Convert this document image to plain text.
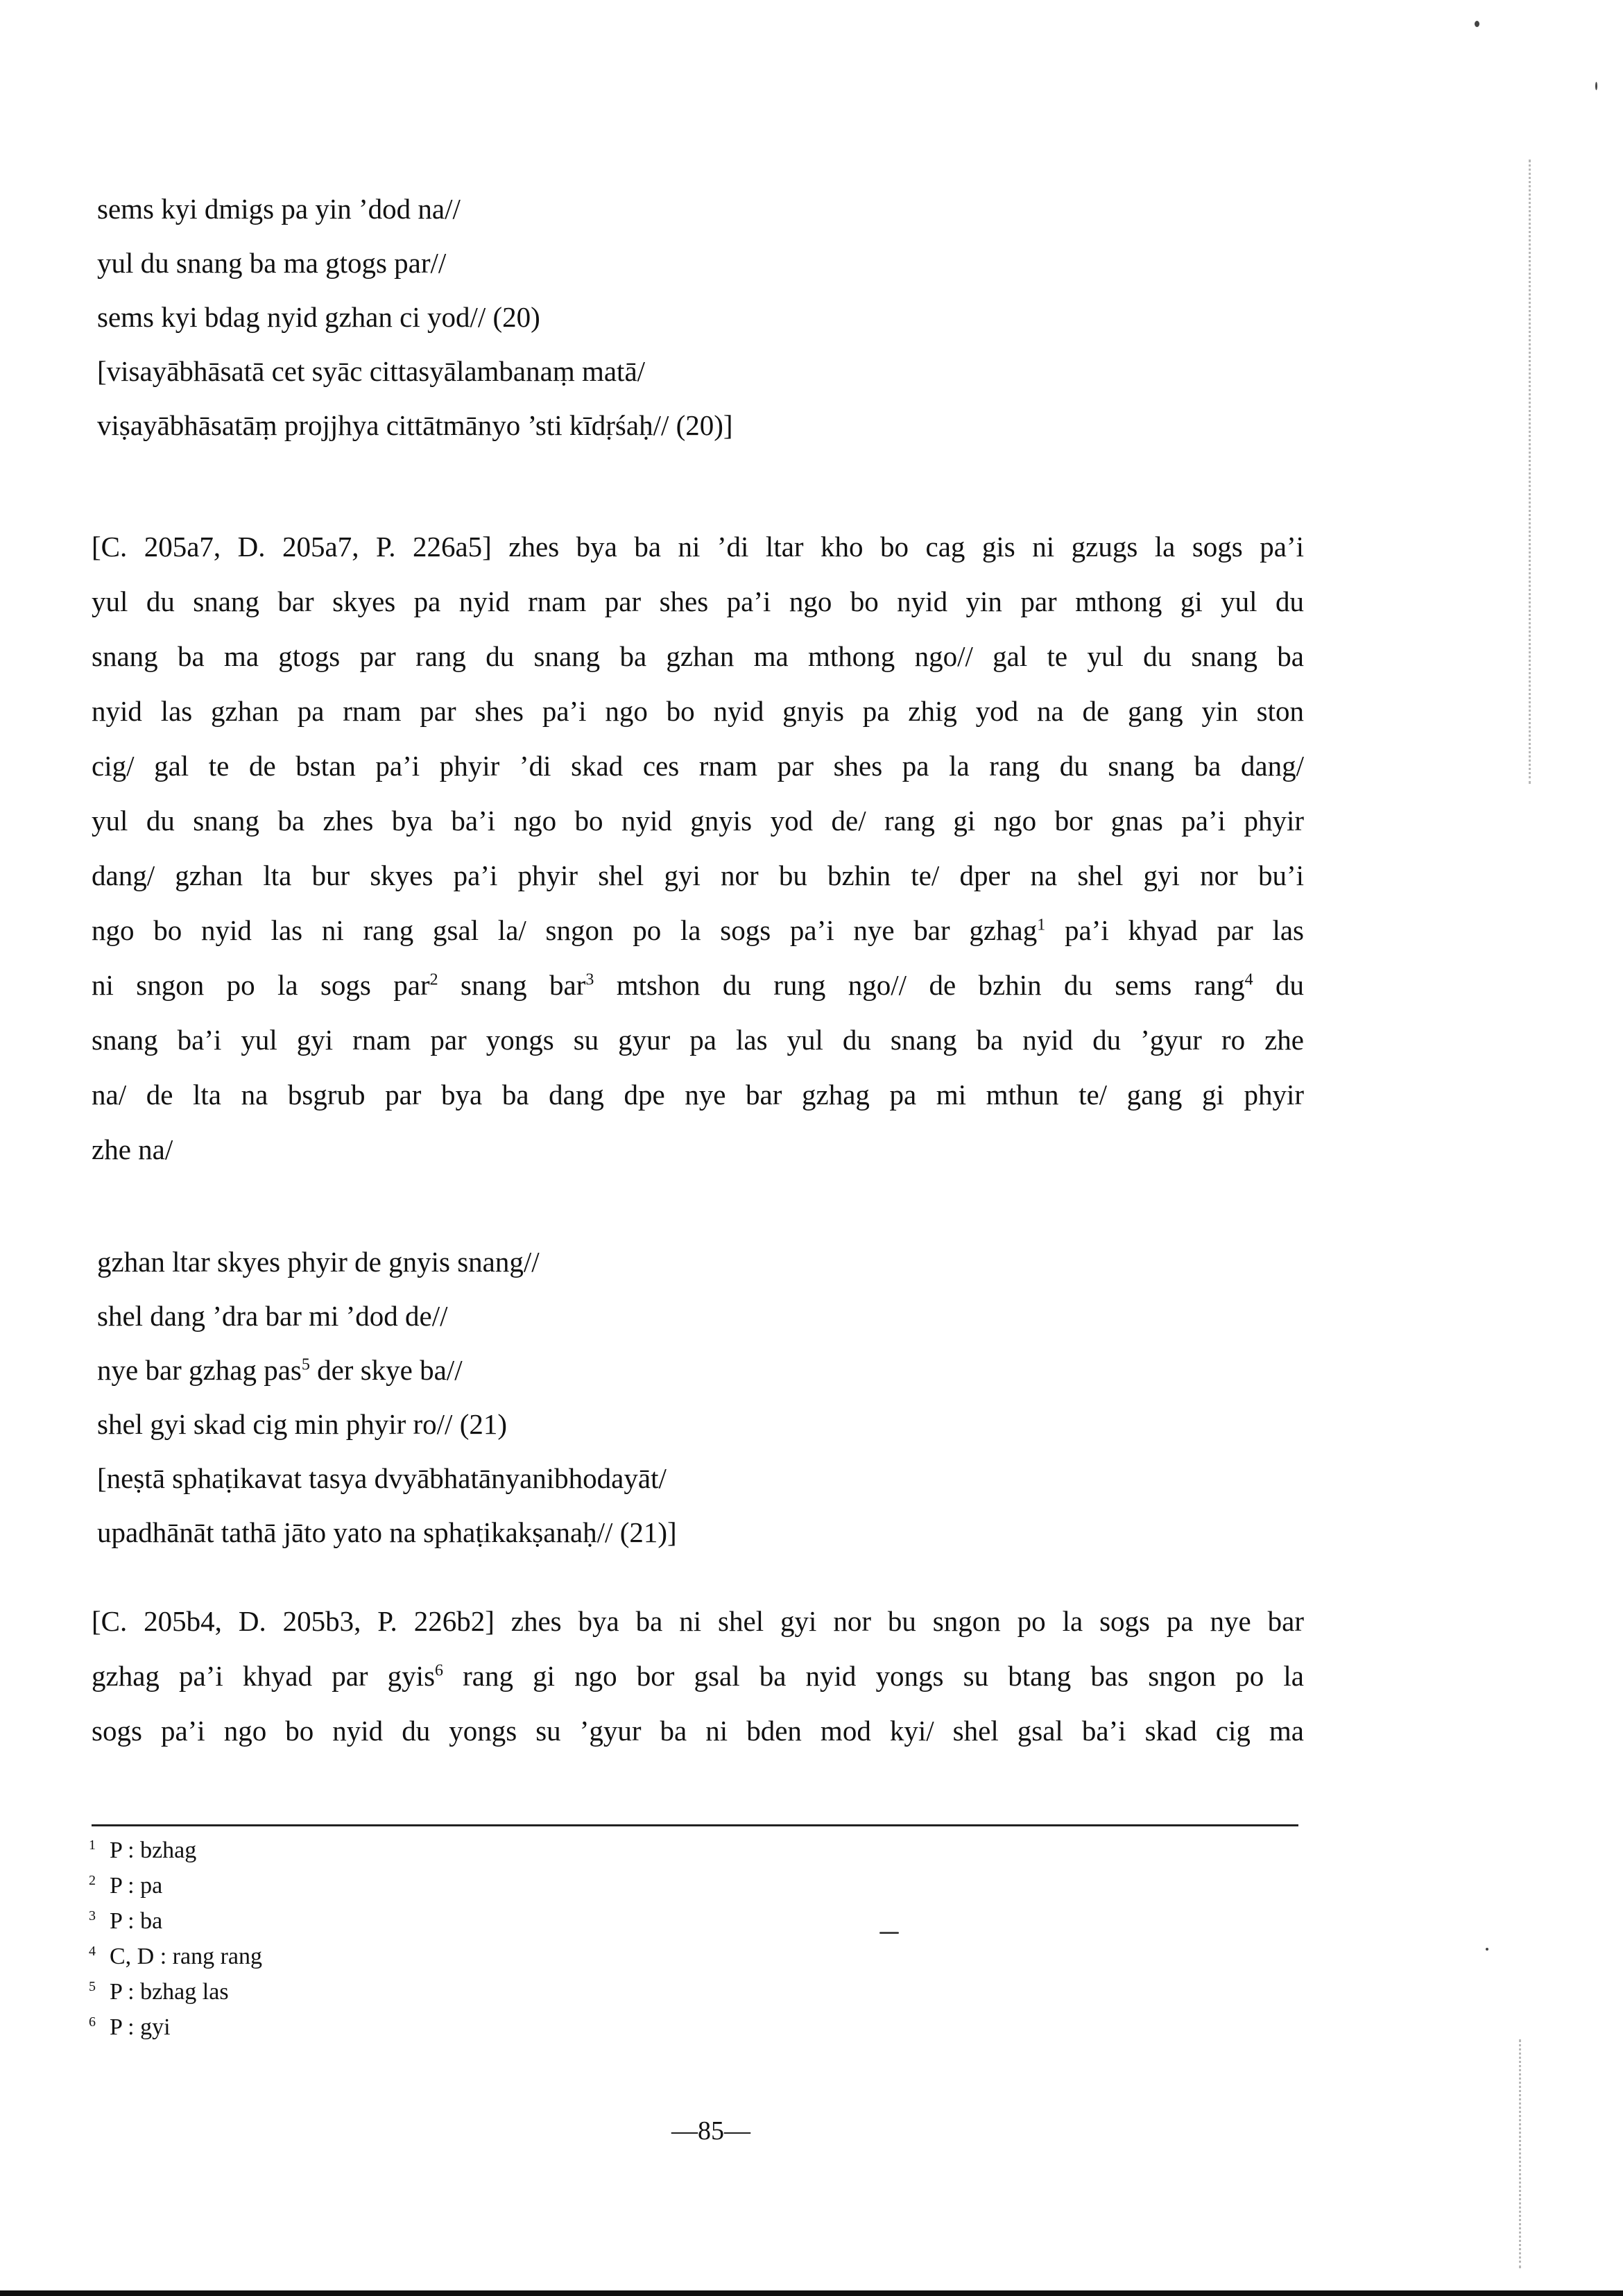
sems kyi dmigs pa yin ’dod na//
yul du snang ba ma gtogs par//
sems kyi bdag nyid gzhan ci yod// (20)
[visayābhāsatā cet syāc cittasyālambanaṃ matā/
viṣayābhāsatāṃ projjhya cittātmānyo ’sti kīdṛśaḥ// (20)]
[C. 205a7, D. 205a7, P. 226a5] zhes bya ba ni ’di ltar kho bo cag gis ni gzugs la sogs pa’i
yul du snang bar skyes pa nyid rnam par shes pa’i ngo bo nyid yin par mthong gi yul du
snang ba ma gtogs par rang du snang ba gzhan ma mthong ngo// gal te yul du snang ba
nyid las gzhan pa rnam par shes pa’i ngo bo nyid gnyis pa zhig yod na de gang yin ston
cig/ gal te de bstan pa’i phyir ’di skad ces rnam par shes pa la rang du snang ba dang/
yul du snang ba zhes bya ba’i ngo bo nyid gnyis yod de/ rang gi ngo bor gnas pa’i phyir
dang/ gzhan lta bur skyes pa’i phyir shel gyi nor bu bzhin te/ dper na shel gyi nor bu’i
ngo bo nyid las ni rang gsal la/ sngon po la sogs pa’i nye bar gzhag$^1$ pa’i khyad par las
ni sngon po la sogs par$^2$ snang bar$^3$ mtshon du rung ngo// de bzhin du sems rang$^4$ du
snang ba’i yul gyi rnam par yongs su gyur pa las yul du snang ba nyid du ’gyur ro zhe
na/ de lta na bsgrub par bya ba dang dpe nye bar gzhag pa mi mthun te/ gang gi phyir
zhe na/
gzhan ltar skyes phyir de gnyis snang//
shel dang ’dra bar mi ’dod de//
nye bar gzhag pas$^5$ der skye ba//
shel gyi skad cig min phyir ro// (21)
[neṣtā sphaṭikavat tasya dvyābhatānyanibhodayāt/
upadhānāt tathā jāto yato na sphaṭikakṣanaḥ// (21)]
[C. 205b4, D. 205b3, P. 226b2] zhes bya ba ni shel gyi nor bu sngon po la sogs pa nye bar
gzhag pa’i khyad par gyis$^6$ rang gi ngo bor gsal ba nyid yongs su btang bas sngon po la
sogs pa’i ngo bo nyid du yongs su ’gyur ba ni bden mod kyi/ shel gsal ba’i skad cig ma
1 P : bzhag
2 P : pa
3 P : ba
4 C, D : rang rang
5 P : bzhag las
6 P : gyi
—85—
